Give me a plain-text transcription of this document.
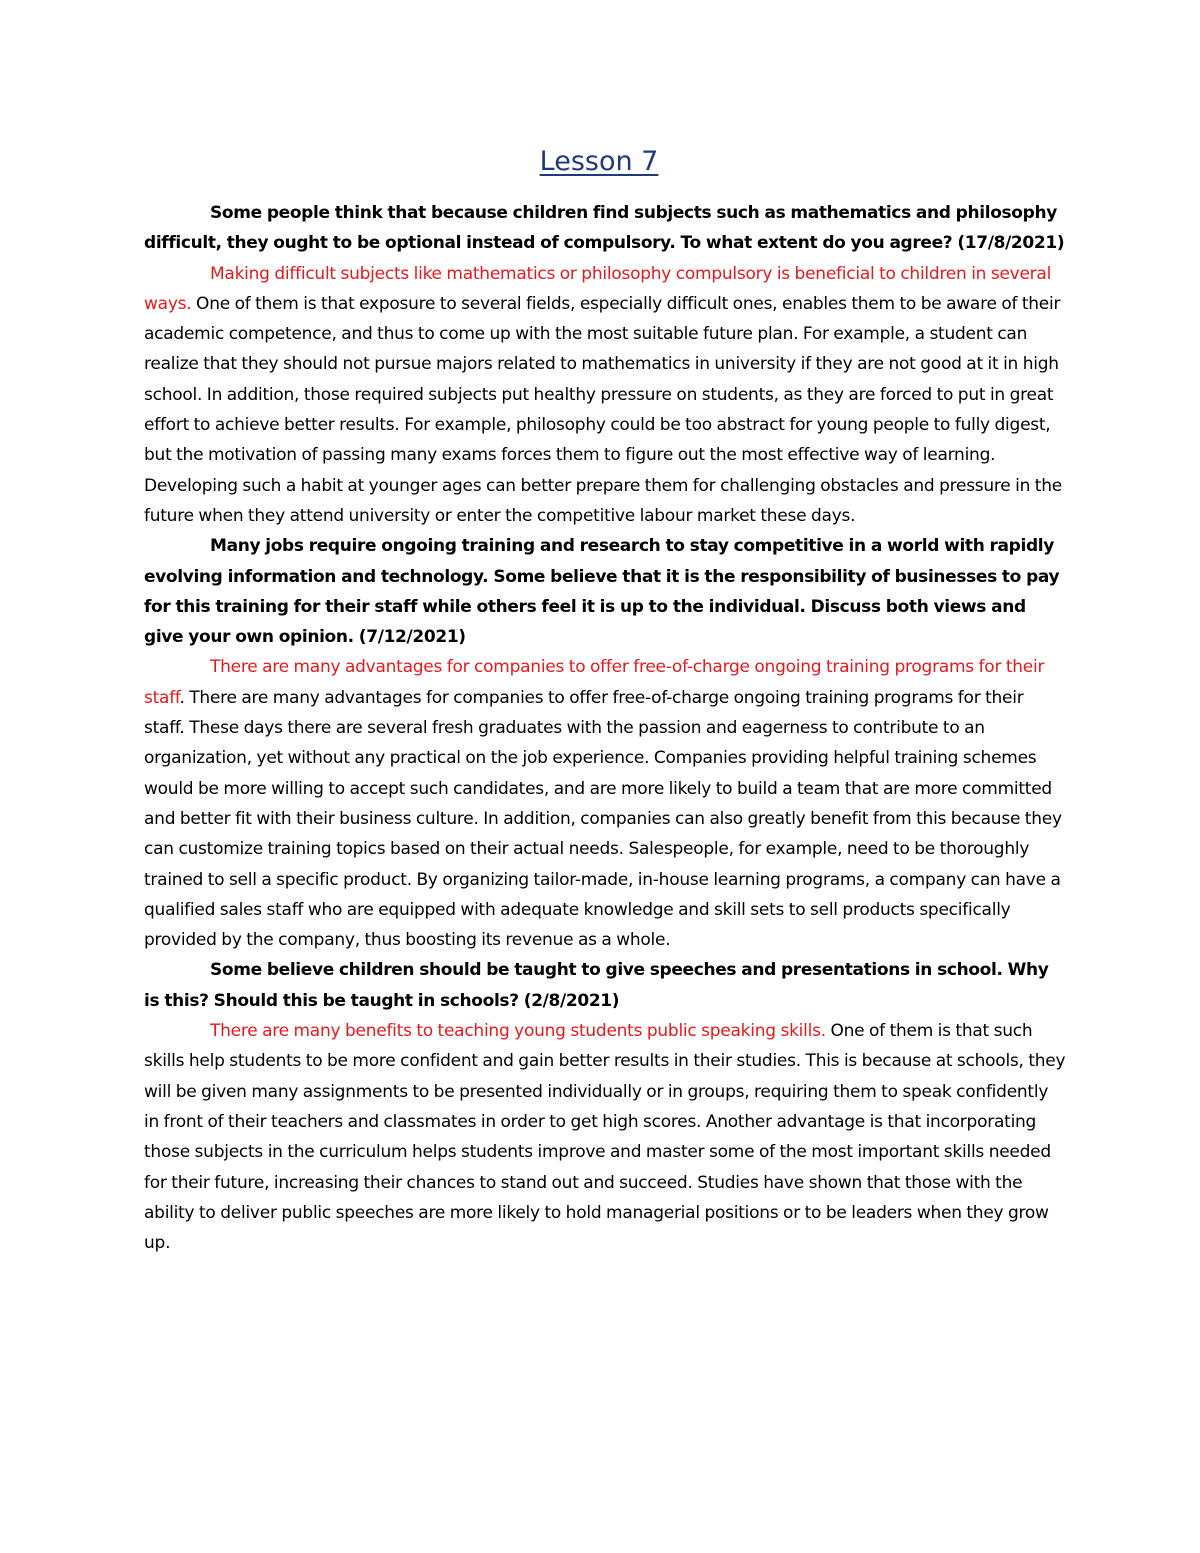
Lesson 7

Some people think that because children find subjects such as mathematics and philosophy difficult, they ought to be optional instead of compulsory. To what extent do you agree? (17/8/2021)

Making difficult subjects like mathematics or philosophy compulsory is beneficial to children in several ways. One of them is that exposure to several fields, especially difficult ones, enables them to be aware of their academic competence, and thus to come up with the most suitable future plan. For example, a student can realize that they should not pursue majors related to mathematics in university if they are not good at it in high school. In addition, those required subjects put healthy pressure on students, as they are forced to put in great effort to achieve better results. For example, philosophy could be too abstract for young people to fully digest, but the motivation of passing many exams forces them to figure out the most effective way of learning. Developing such a habit at younger ages can better prepare them for challenging obstacles and pressure in the future when they attend university or enter the competitive labour market these days.

Many jobs require ongoing training and research to stay competitive in a world with rapidly evolving information and technology. Some believe that it is the responsibility of businesses to pay for this training for their staff while others feel it is up to the individual. Discuss both views and give your own opinion. (7/12/2021)

There are many advantages for companies to offer free-of-charge ongoing training programs for their staff. There are many advantages for companies to offer free-of-charge ongoing training programs for their staff. These days there are several fresh graduates with the passion and eagerness to contribute to an organization, yet without any practical on the job experience. Companies providing helpful training schemes would be more willing to accept such candidates, and are more likely to build a team that are more committed and better fit with their business culture. In addition, companies can also greatly benefit from this because they can customize training topics based on their actual needs. Salespeople, for example, need to be thoroughly trained to sell a specific product. By organizing tailor-made, in-house learning programs, a company can have a qualified sales staff who are equipped with adequate knowledge and skill sets to sell products specifically provided by the company, thus boosting its revenue as a whole.

Some believe children should be taught to give speeches and presentations in school. Why is this? Should this be taught in schools? (2/8/2021)

There are many benefits to teaching young students public speaking skills. One of them is that such skills help students to be more confident and gain better results in their studies. This is because at schools, they will be given many assignments to be presented individually or in groups, requiring them to speak confidently in front of their teachers and classmates in order to get high scores. Another advantage is that incorporating those subjects in the curriculum helps students improve and master some of the most important skills needed for their future, increasing their chances to stand out and succeed. Studies have shown that those with the ability to deliver public speeches are more likely to hold managerial positions or to be leaders when they grow up.
